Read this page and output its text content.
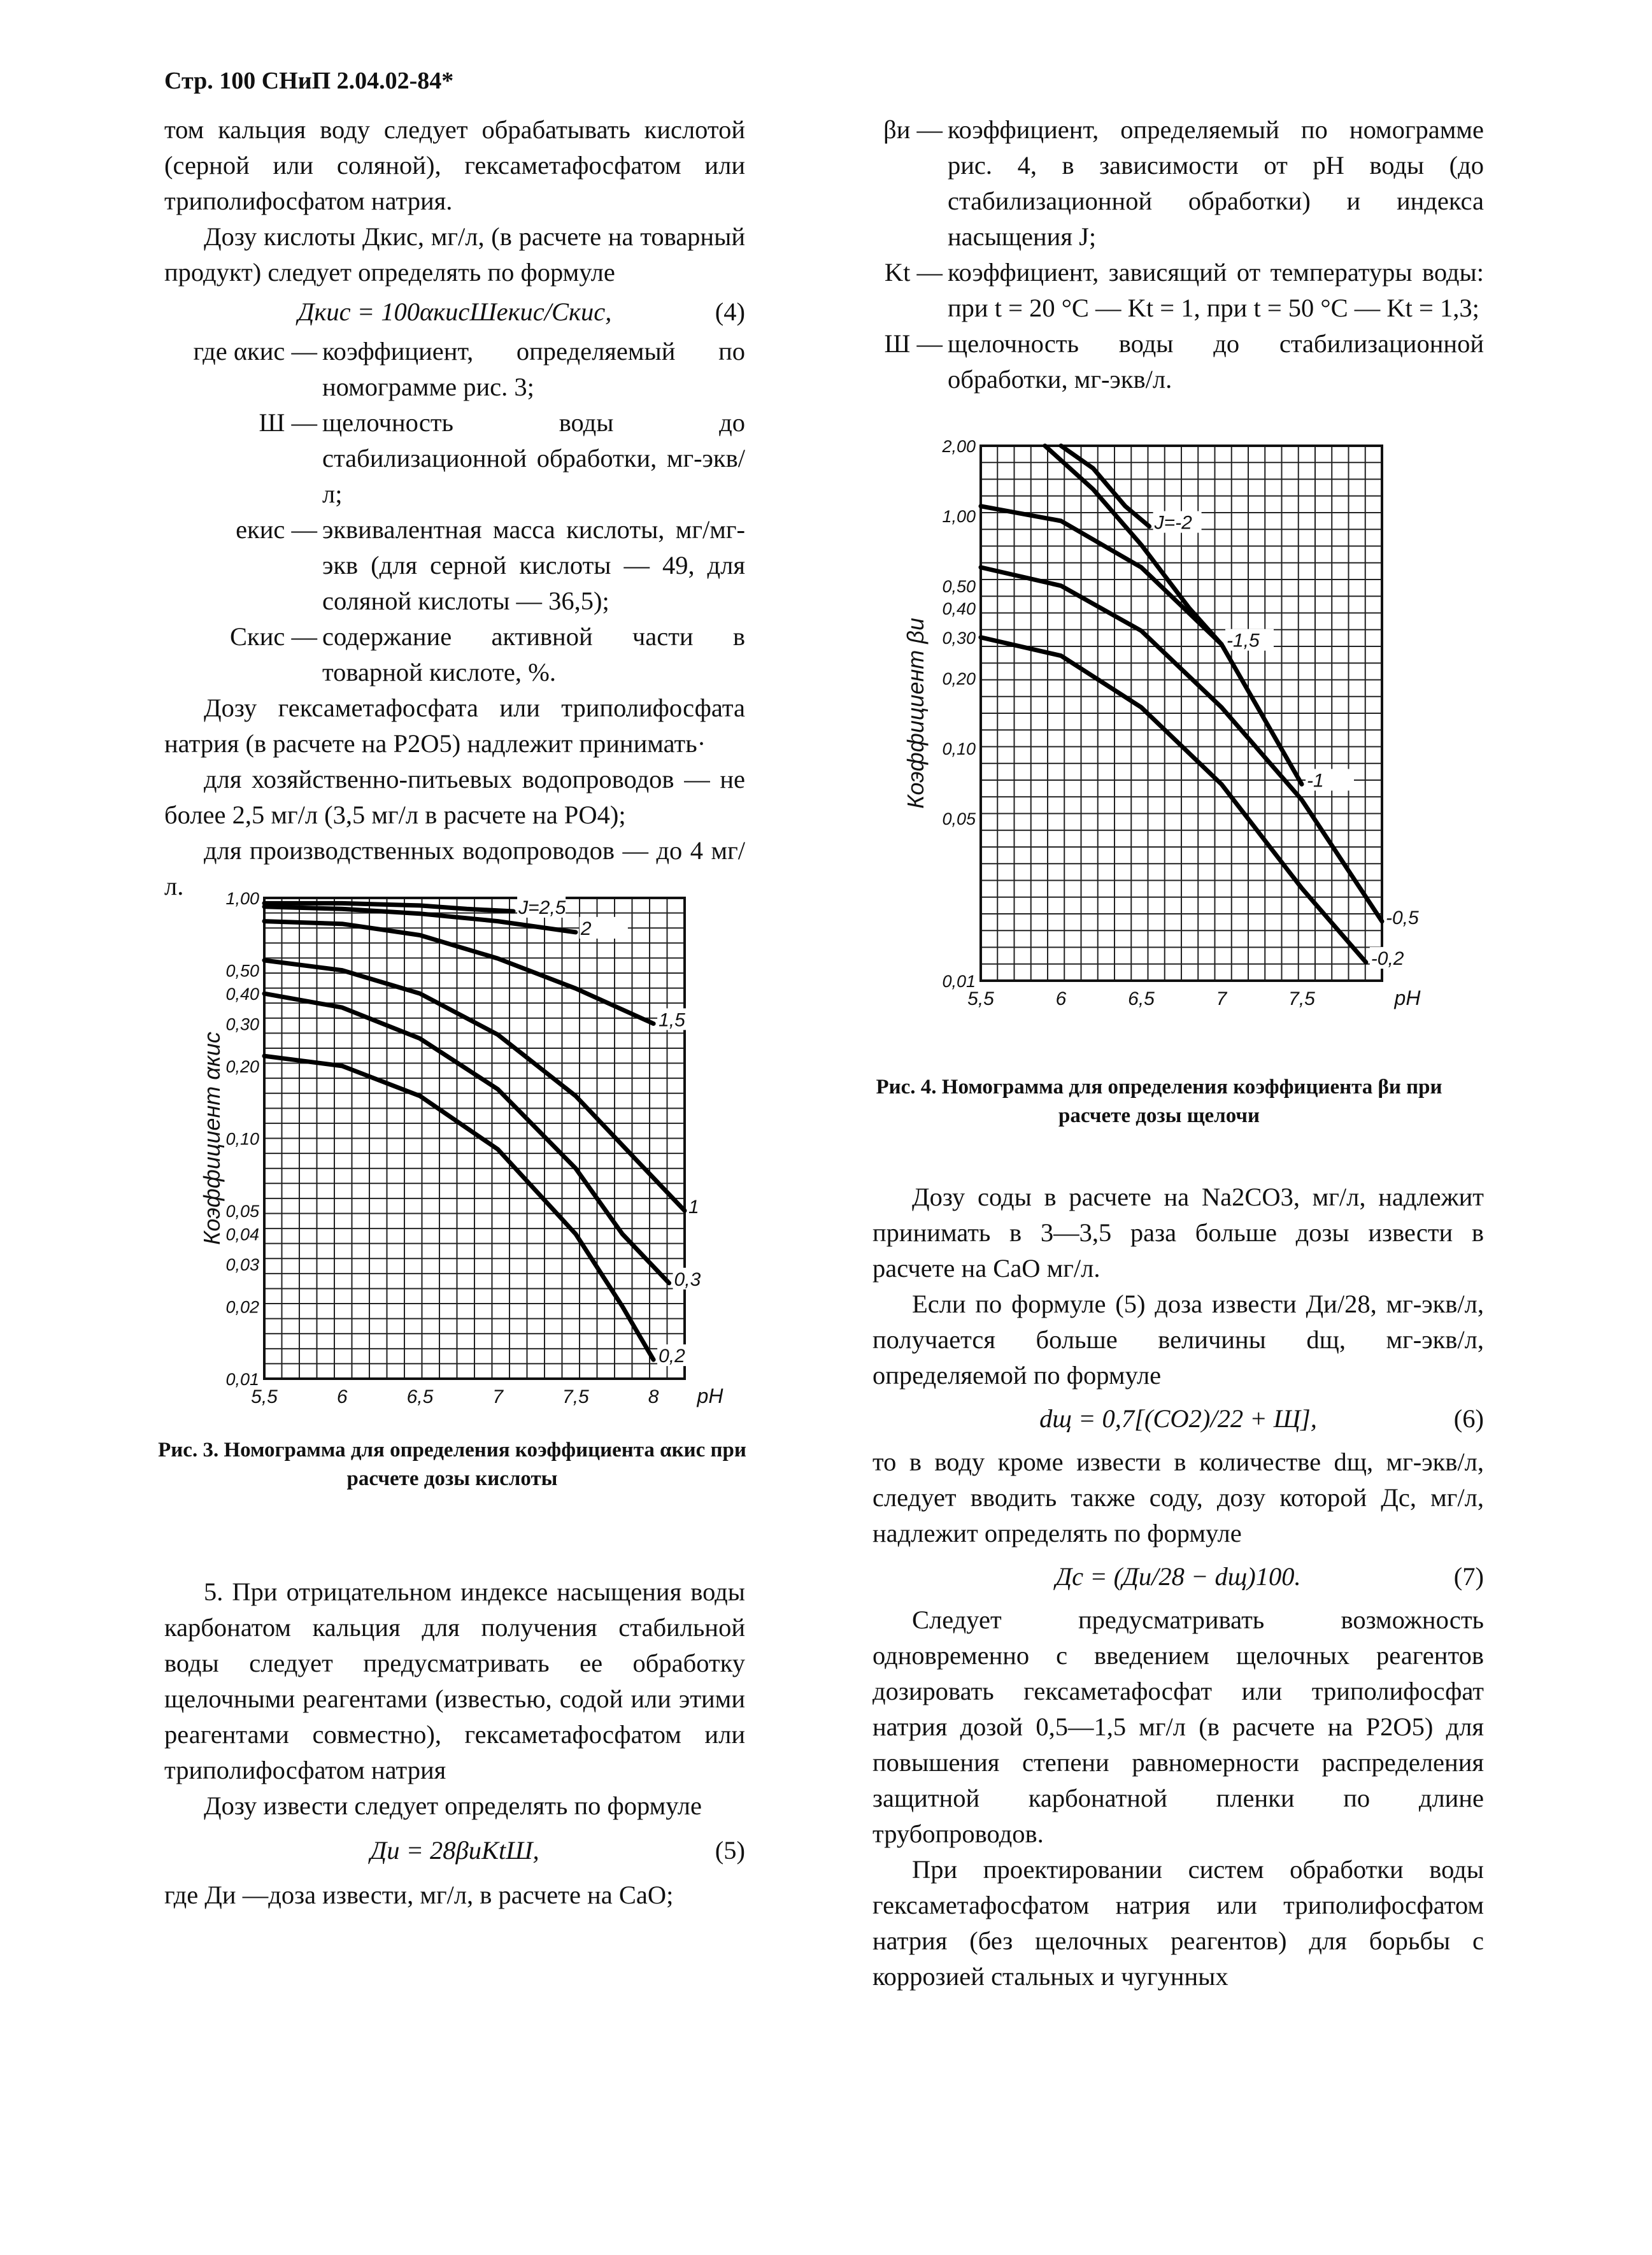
Стр. 100 СНиП 2.04.02-84*

том кальция воду следует обрабатывать кислотой (серной или соляной), гексаметафосфатом или триполифосфатом натрия.

Дозу кислоты Дкис, мг/л, (в расчете на товарный продукт) следует определять по формуле

Дкис = 100αкисШeкис/Cкис,	(4)
где αкис — коэффициент, определяемый по номограмме рис. 3;
Ш — щелочность воды до стабилизационной обработки, мг-экв/л;
eкис — эквивалентная масса кислоты, мг/мг-экв (для серной кислоты — 49, для соляной кислоты — 36,5);
Cкис — содержание активной части в товарной кислоте, %.

Дозу гексаметафосфата или триполифосфата натрия (в расчете на P2O5) надлежит принимать·

для хозяйственно-питьевых водопроводов — не более 2,5 мг/л (3,5 мг/л в расчете на PO4);

для производственных водопроводов — до 4 мг/л.	1,00
0,50
0,40
0,30
0,20
0,10
0,05
0,04
0,03
0,02
0,01
5,5	6	6,5	7	7,5	8 pH
Коэффициент αкис
J=2,5
2
1,5
1
0,3
0,2
Рис. 3. Номограмма для определения коэффициента αкис при расчете дозы кислоты

5. При отрицательном индексе насыщения воды карбонатом кальция для получения стабильной воды следует предусматривать ее обработку щелочными реагентами (известью, содой или этими реагентами совместно), гексаметафосфатом или триполифосфатом натрия

Дозу извести следует определять по формуле

Ди = 28βиKtШ,	(5)

где Ди —доза извести, мг/л, в расчете на CaO;

βи — коэффициент, определяемый по номограмме рис. 4, в зависимости от pH воды (до стабилизационной обработки) и индекса насыщения J;
Kt — коэффициент, зависящий от температуры воды: при t = 20 °C — Kt = 1, при t = 50 °C — Kt = 1,3;
Ш — щелочность воды до стабилизационной обработки, мг-экв/л.
2,00
1,00
0,50
0,40
0,30
0,20
0,10
0,05
0,01
5,5	6	6,5	7	7,5	pH
Коэффициент βи
J=-2
-1,5
-1
-0,5
-0,2
Рис. 4. Номограмма для определения коэффициента βи при расчете дозы щелочи

Дозу соды в расчете на Na2CO3, мг/л, надлежит принимать в 3—3,5 раза больше дозы извести в расчете на CaO мг/л.

Если по формуле (5) доза извести Ди/28, мг-экв/л, получается больше величины dщ, мг-экв/л, определяемой по формуле

dщ = 0,7[(CO2)/22 + Щ],	(6)

то в воду кроме извести в количестве dщ, мг-экв/л, следует вводить также соду, дозу которой Дс, мг/л, надлежит определять по формуле

Дс = (Ди/28 − dщ)100.	(7)

Следует предусматривать возможность одновременно с введением щелочных реагентов дозировать гексаметафосфат или триполифосфат натрия дозой 0,5—1,5 мг/л (в расчете на P2O5) для повышения степени равномерности распределения защитной карбонатной пленки по длине трубопроводов.

При проектировании систем обработки воды гексаметафосфатом натрия или триполифосфатом натрия (без щелочных реагентов) для борьбы с коррозией стальных и чугунных
